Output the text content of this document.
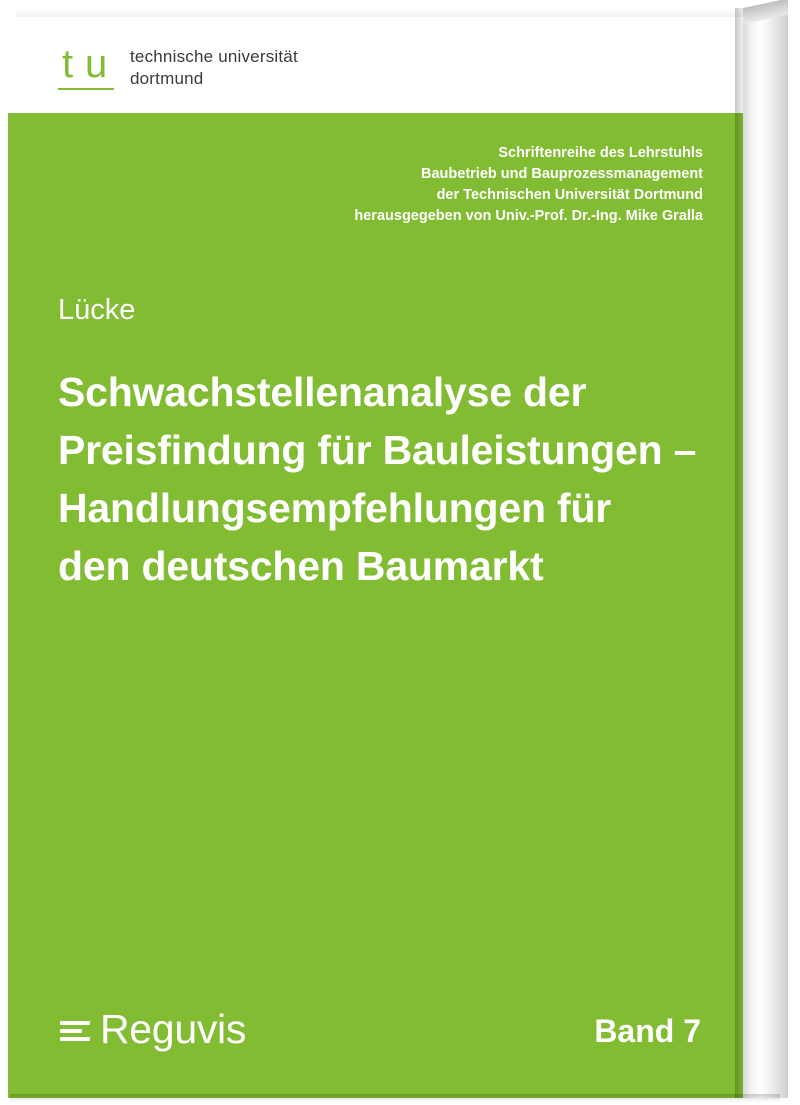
t u technische universität
dortmund
Schriftenreihe des Lehrstuhls
Baubetrieb und Bauprozessmanagement
der Technischen Universität Dortmund
herausgegeben von Univ.-Prof. Dr.-Ing. Mike Gralla
Lücke
Schwachstellenanalyse der
Preisfindung für Bauleistungen –
Handlungsempfehlungen für
den deutschen Baumarkt
Reguvis	Band 7
